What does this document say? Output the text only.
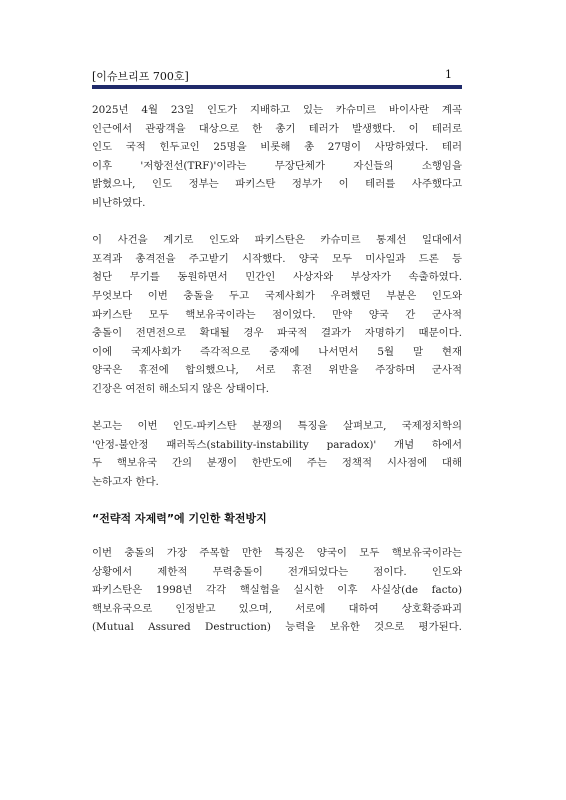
[이슈브리프 700호]	1

2025년 4월 23일 인도가 지배하고 있는 카슈미르 바이사란 계곡
인근에서 관광객을 대상으로 한 총기 테러가 발생했다. 이 테러로
인도 국적 힌두교인 25명을 비롯해 총 27명이 사망하였다. 테러
이후 '저항전선(TRF)'이라는 무장단체가 자신들의 소행임을
밝혔으나, 인도 정부는 파키스탄 정부가 이 테러를 사주했다고
비난하였다.

이 사건을 계기로 인도와 파키스탄은 카슈미르 통제선 일대에서
포격과 총격전을 주고받기 시작했다. 양국 모두 미사일과 드론 등
첨단 무기를 동원하면서 민간인 사상자와 부상자가 속출하였다.
무엇보다 이번 충돌을 두고 국제사회가 우려했던 부분은 인도와
파키스탄 모두 핵보유국이라는 점이었다. 만약 양국 간 군사적
충돌이 전면전으로 확대될 경우 파국적 결과가 자명하기 때문이다.
이에 국제사회가 즉각적으로 중재에 나서면서 5월 말 현재
양국은 휴전에 합의했으나, 서로 휴전 위반을 주장하며 군사적
긴장은 여전히 해소되지 않은 상태이다.

본고는 이번 인도-파키스탄 분쟁의 특징을 살펴보고, 국제정치학의
'안정-불안정 패러독스(stability-instability paradox)' 개념 하에서
두 핵보유국 간의 분쟁이 한반도에 주는 정책적 시사점에 대해
논하고자 한다.

“전략적 자제력”에 기인한 확전방지

이번 충돌의 가장 주목할 만한 특징은 양국이 모두 핵보유국이라는
상황에서 제한적 무력충돌이 전개되었다는 점이다. 인도와
파키스탄은 1998년 각각 핵실험을 실시한 이후 사실상(de facto)
핵보유국으로 인정받고 있으며, 서로에 대하여 상호확증파괴
(Mutual Assured Destruction) 능력을 보유한 것으로 평가된다.
